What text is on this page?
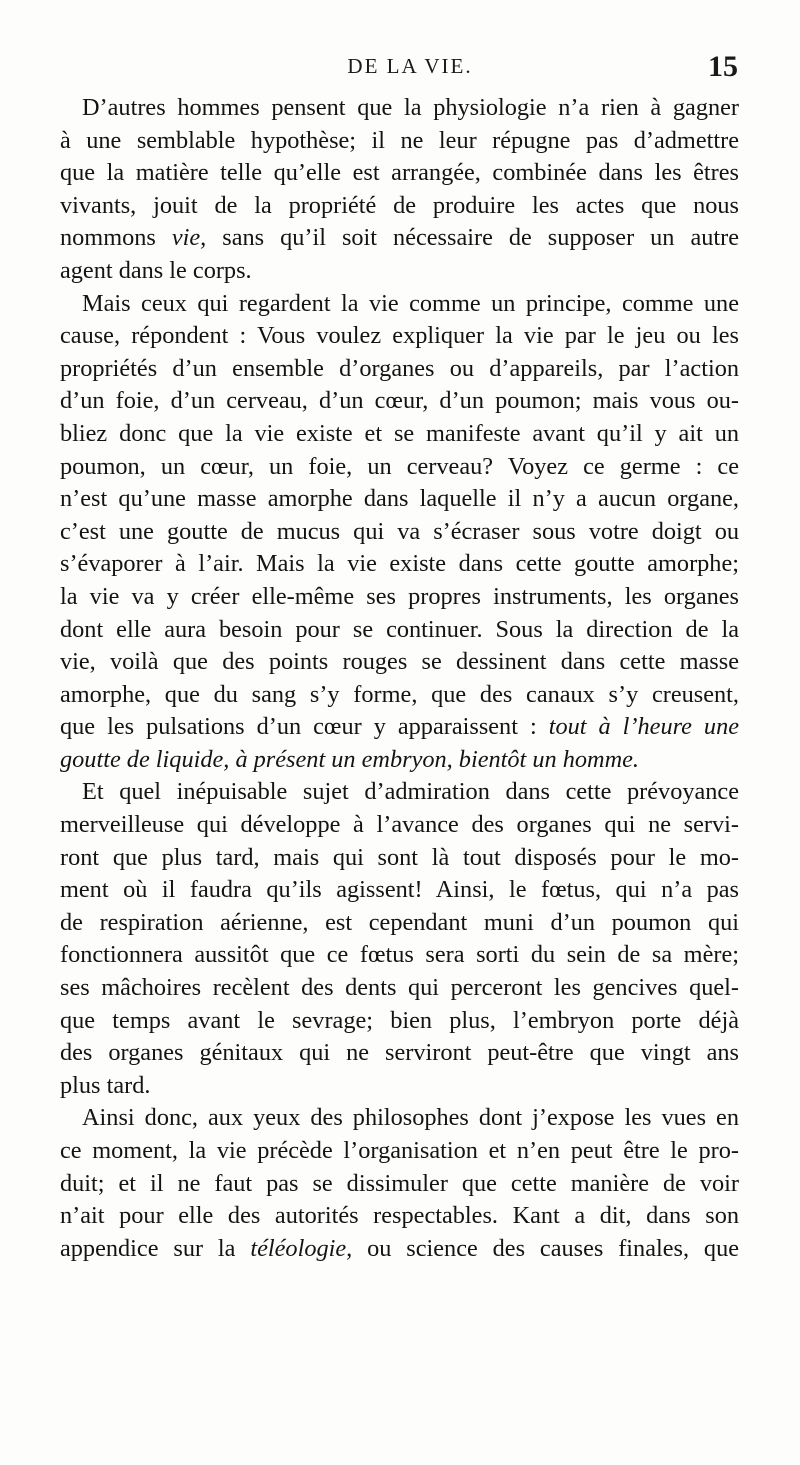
DE LA VIE.	15

D’autres hommes pensent que la physiologie n’a rien à gagner
à une semblable hypothèse; il ne leur répugne pas d’admettre
que la matière telle qu’elle est arrangée, combinée dans les êtres
vivants, jouit de la propriété de produire les actes que nous
nommons vie, sans qu’il soit nécessaire de supposer un autre
agent dans le corps.

Mais ceux qui regardent la vie comme un principe, comme une
cause, répondent : Vous voulez expliquer la vie par le jeu ou les
propriétés d’un ensemble d’organes ou d’appareils, par l’action
d’un foie, d’un cerveau, d’un cœur, d’un poumon; mais vous ou-
bliez donc que la vie existe et se manifeste avant qu’il y ait un
poumon, un cœur, un foie, un cerveau? Voyez ce germe : ce
n’est qu’une masse amorphe dans laquelle il n’y a aucun organe,
c’est une goutte de mucus qui va s’écraser sous votre doigt ou
s’évaporer à l’air. Mais la vie existe dans cette goutte amorphe;
la vie va y créer elle-même ses propres instruments, les organes
dont elle aura besoin pour se continuer. Sous la direction de la
vie, voilà que des points rouges se dessinent dans cette masse
amorphe, que du sang s’y forme, que des canaux s’y creusent,
que les pulsations d’un cœur y apparaissent : tout à l’heure une
goutte de liquide, à présent un embryon, bientôt un homme.

Et quel inépuisable sujet d’admiration dans cette prévoyance
merveilleuse qui développe à l’avance des organes qui ne servi-
ront que plus tard, mais qui sont là tout disposés pour le mo-
ment où il faudra qu’ils agissent! Ainsi, le fœtus, qui n’a pas
de respiration aérienne, est cependant muni d’un poumon qui
fonctionnera aussitôt que ce fœtus sera sorti du sein de sa mère;
ses mâchoires recèlent des dents qui perceront les gencives quel-
que temps avant le sevrage; bien plus, l’embryon porte déjà
des organes génitaux qui ne serviront peut-être que vingt ans
plus tard.

Ainsi donc, aux yeux des philosophes dont j’expose les vues en
ce moment, la vie précède l’organisation et n’en peut être le pro-
duit; et il ne faut pas se dissimuler que cette manière de voir
n’ait pour elle des autorités respectables. Kant a dit, dans son
appendice sur la téléologie, ou science des causes finales, que
